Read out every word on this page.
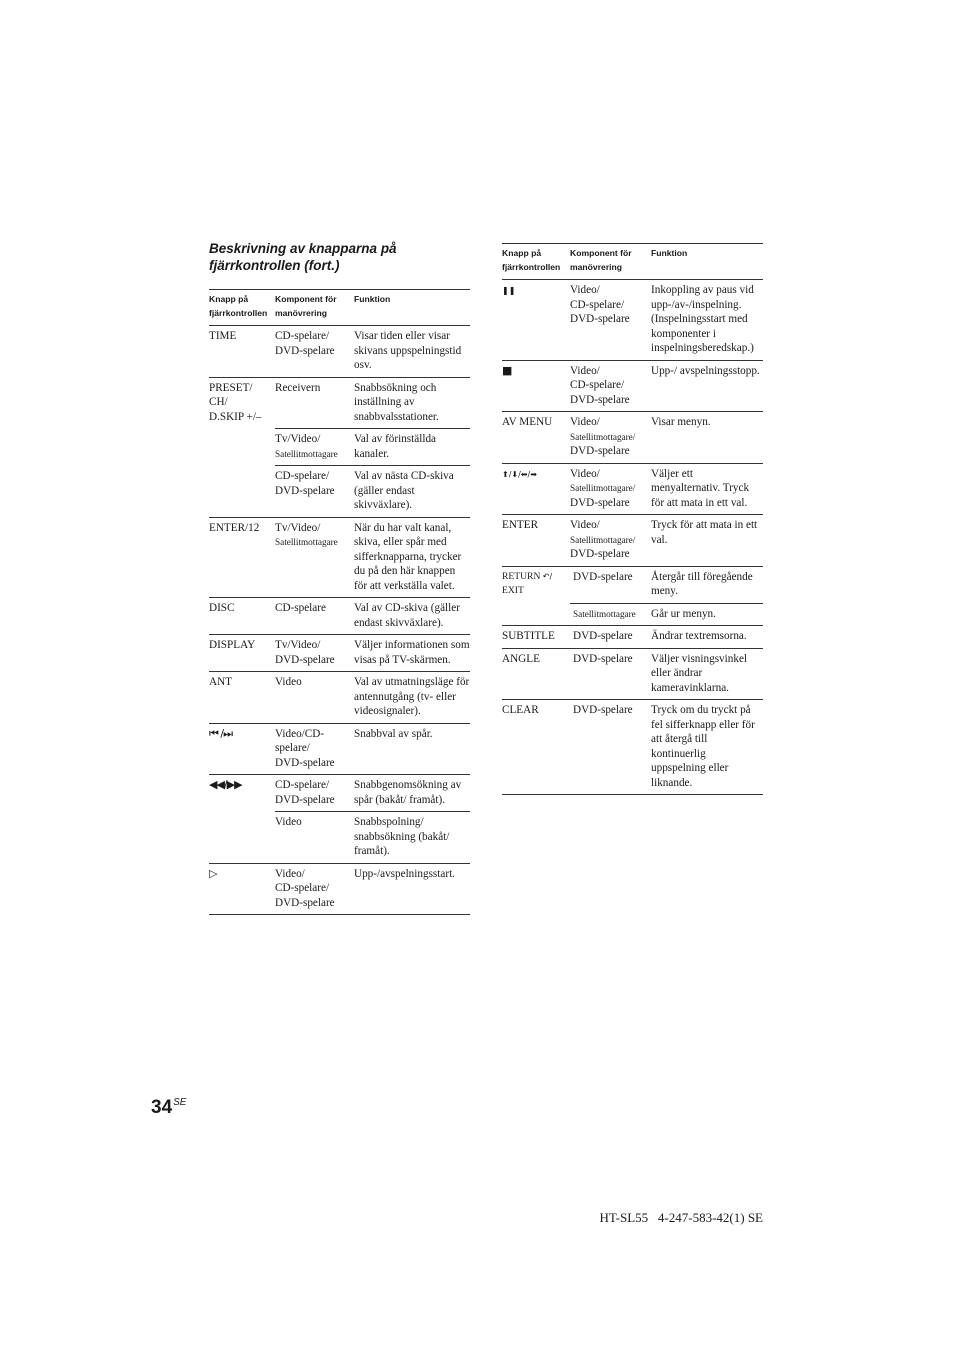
Beskrivning av knapparna på
fjärrkontrollen (fort.)
Knapp på
fjärrkontrollen	Komponent för
manövrering	Funktion
TIME	CD-spelare/
DVD-spelare	Visar tiden eller visar skivans uppspelningstid osv.
PRESET/
CH/
D.SKIP +/–	Receivern	Snabbsökning och inställning av snabbvalsstationer.
	Tv/Video/
Satellitmottagare	Val av förinställda kanaler.
	CD-spelare/
DVD-spelare	Val av nästa CD-skiva (gäller endast skivväxlare).
ENTER/12	Tv/Video/
Satellitmottagare	När du har valt kanal, skiva, eller spår med sifferknapparna, trycker du på den här knappen för att verkställa valet.
DISC	CD-spelare	Val av CD-skiva (gäller endast skivväxlare).
DISPLAY	Tv/Video/
DVD-spelare	Väljer informationen som visas på TV-skärmen.
ANT	Video	Val av utmatningsläge för antennutgång (tv- eller videosignaler).
⏮ /⏭	Video/CD-
spelare/
DVD-spelare	Snabbval av spår.
◀◀/▶▶	CD-spelare/
DVD-spelare	Snabbgenomsökning av spår (bakåt/ framåt).
	Video	Snabbspolning/ snabbsökning (bakåt/ framåt).
▷	Video/
CD-spelare/
DVD-spelare	Upp-/avspelningsstart.
Knapp på
fjärrkontrollen	Komponent för
manövrering	Funktion
❚❚	Video/
CD-spelare/
DVD-spelare	Inkoppling av paus vid upp-/av-/inspelning. (Inspelningsstart med komponenter i inspelningsberedskap.)
■	Video/
CD-spelare/
DVD-spelare	Upp-/ avspelningsstopp.
AV MENU	Video/
Satellitmottagare/
DVD-spelare	Visar menyn.
⬆/⬇/⬅/➡	Video/
Satellitmottagare/
DVD-spelare	Väljer ett menyalternativ. Tryck för att mata in ett val.
ENTER	Video/
Satellitmottagare/
DVD-spelare	Tryck för att mata in ett val.
RETURN ↶/
EXIT	DVD-spelare	Återgår till föregående meny.
	Satellitmottagare	Går ur menyn.
SUBTITLE	DVD-spelare	Ändrar textremsorna.
ANGLE	DVD-spelare	Väljer visningsvinkel eller ändrar kameravinklarna.
CLEAR	DVD-spelare	Tryck om du tryckt på fel sifferknapp eller för att återgå till kontinuerlig uppspelning eller liknande.
$34^{SE}$
HT-SL55   4-247-583-42(1) SE
